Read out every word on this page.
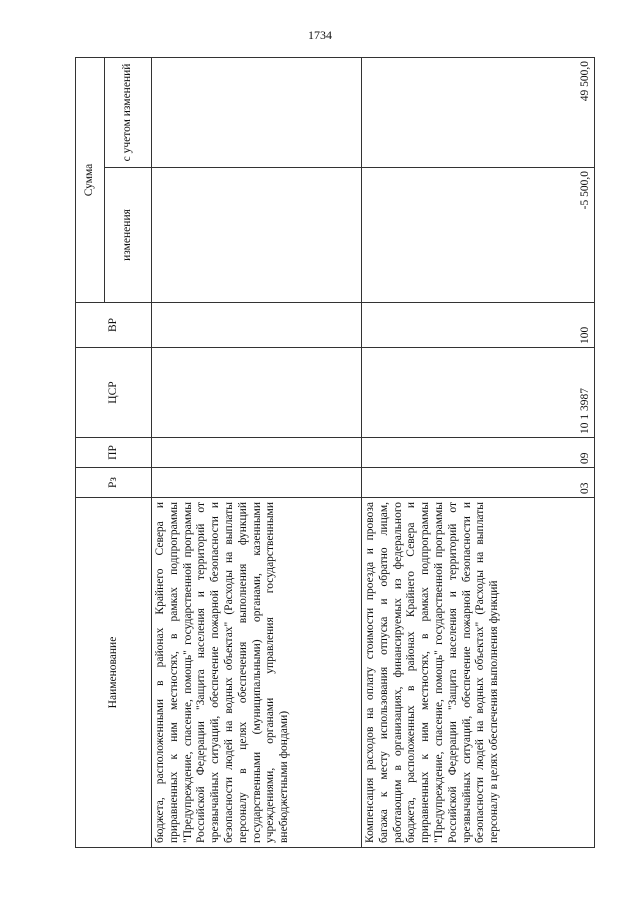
1734
Наименование	Рз	ПР	ЦСР	ВР	Сумма	
					изменения	с учетом изменений
бюджета, расположенными в районах Крайнего Севера и приравненных к ним местностях, в рамках подпрограммы "Предупреждение, спасение, помощь" государственной программы Российской Федерации "Защита населения и территорий от чрезвычайных ситуаций, обеспечение пожарной безопасности и безопасности людей на водных объектах" (Расходы на выплаты персоналу в целях обеспечения выполнения функций государственными (муниципальными) органами, казенными учреждениями, органами управления государственными внебюджетными фондами)						
Компенсация расходов на оплату стоимости проезда и провоза багажа к месту использования отпуска и обратно лицам, работающим в организациях, финансируемых из федерального бюджета, расположенных в районах Крайнего Севера и приравненных к ним местностях, в рамках подпрограммы "Предупреждение, спасение, помощь" государственной программы Российской Федерации "Защита населения и территорий от чрезвычайных ситуаций, обеспечение пожарной безопасности и безопасности людей на водных объектах" (Расходы на выплаты персоналу в целях обеспечения выполнения функций	03	09	10 1 3987	100	-5 500,0	49 500,0
